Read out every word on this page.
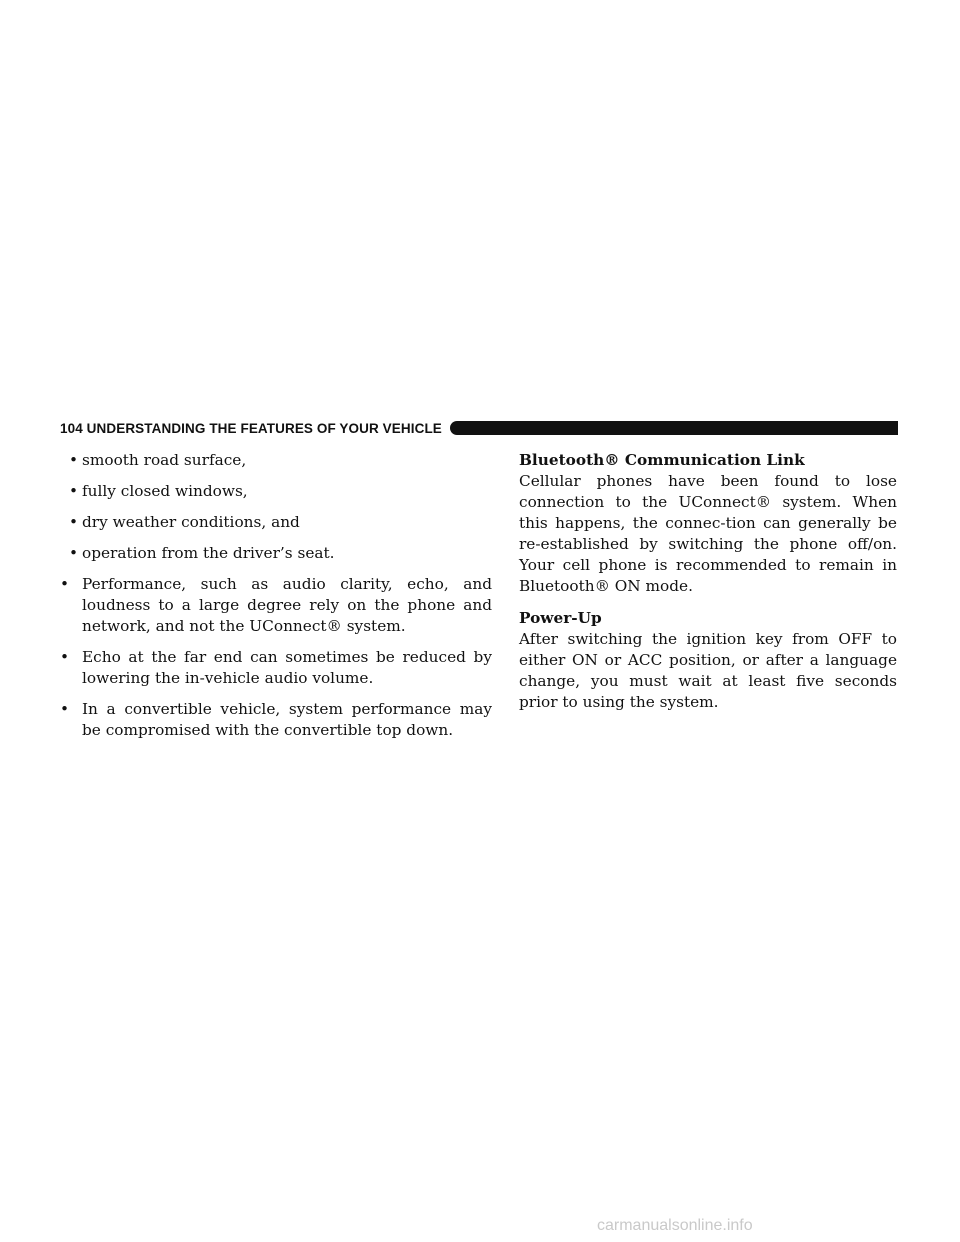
104 UNDERSTANDING THE FEATURES OF YOUR VEHICLE
• smooth road surface,
• fully closed windows,
• dry weather conditions, and
• operation from the driver’s seat.
• Performance, such as audio clarity, echo, and loudness to a large degree rely on the phone and network, and not the UConnect® system.
• Echo at the far end can sometimes be reduced by lowering the in-vehicle audio volume.
• In a convertible vehicle, system performance may be compromised with the convertible top down.
Bluetooth® Communication Link

Cellular phones have been found to lose connection to the UConnect® system. When this happens, the connec-tion can generally be re-established by switching the phone off/on. Your cell phone is recommended to remain in Bluetooth® ON mode.

Power-Up

After switching the ignition key from OFF to either ON or ACC position, or after a language change, you must wait at least five seconds prior to using the system.

carmanualsonline.info
